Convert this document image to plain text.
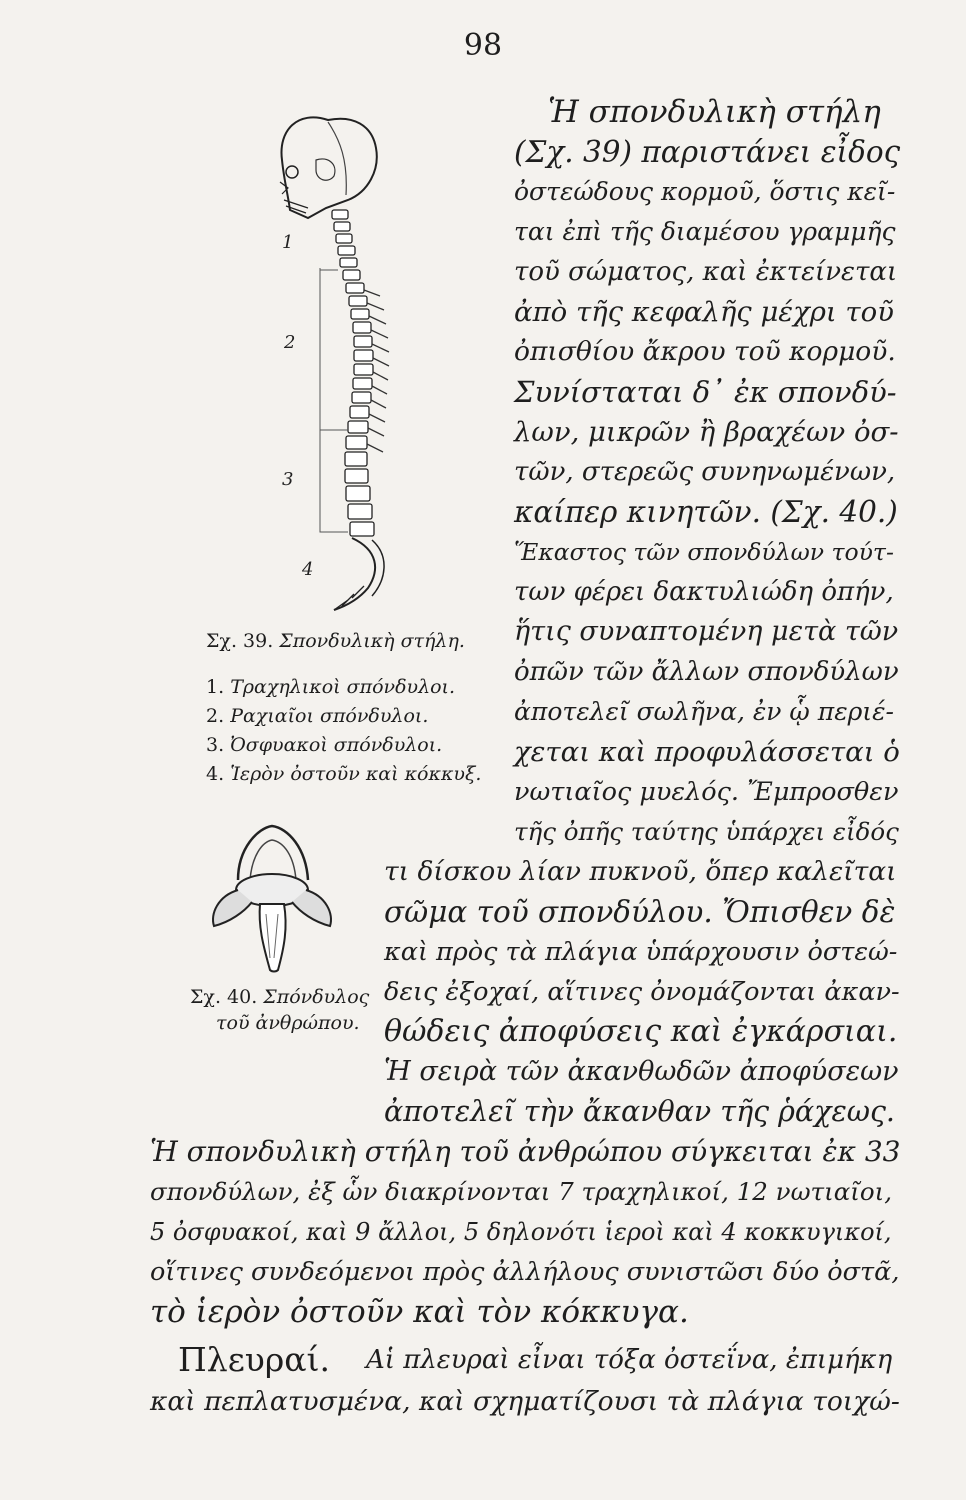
98
1
2
3
4
Σχ. 39. Σπονδυλικὴ στήλη.
1. Τραχηλικοὶ σπόνδυλοι.
2. Ραχιαῖοι σπόνδυλοι.
3. Ὀσφυακοὶ σπόνδυλοι.
4. Ἱερὸν ὀστοῦν καὶ κόκκυξ.
Σχ. 40. Σπόνδυλος
τοῦ ἀνθρώπου.
Ἡ σπονδυλικὴ στήλη
(Σχ. 39) παριστάνει εἶδος
ὀστεώδους κορμοῦ, ὅστις κεῖ-
ται ἐπὶ τῆς διαμέσου γραμμῆς
τοῦ σώματος, καὶ ἐκτείνεται
ἀπὸ τῆς κεφαλῆς μέχρι τοῦ
ὀπισθίου ἄκρου τοῦ κορμοῦ.
Συνίσταται δ᾽ ἐκ σπονδύ-
λων, μικρῶν ἢ βραχέων ὀσ-
τῶν, στερεῶς συνηνωμένων,
καίπερ κινητῶν. (Σχ. 40.)
Ἕκαστος τῶν σπονδύλων τούτ-
των φέρει δακτυλιώδη ὀπήν,
ἥτις συναπτομένη μετὰ τῶν
ὀπῶν τῶν ἄλλων σπονδύλων
ἀποτελεῖ σωλῆνα, ἐν ᾧ περιέ-
χεται καὶ προφυλάσσεται ὁ
νωτιαῖος μυελός. Ἔμπροσθεν
τῆς ὀπῆς ταύτης ὑπάρχει εἶδός
τι δίσκου λίαν πυκνοῦ, ὅπερ καλεῖται
σῶμα τοῦ σπονδύλου. Ὄπισθεν δὲ
καὶ πρὸς τὰ πλάγια ὑπάρχουσιν ὀστεώ-
δεις ἐξοχαί, αἵτινες ὀνομάζονται ἀκαν-
θώδεις ἀποφύσεις καὶ ἐγκάρσιαι.
Ἡ σειρὰ τῶν ἀκανθωδῶν ἀποφύσεων
ἀποτελεῖ τὴν ἄκανθαν τῆς ῥάχεως.
Ἡ σπονδυλικὴ στήλη τοῦ ἀνθρώπου σύγκειται ἐκ 33
σπονδύλων, ἐξ ὧν διακρίνονται 7 τραχηλικοί, 12 νωτιαῖοι,
5 ὀσφυακοί, καὶ 9 ἄλλοι, 5 δηλονότι ἱεροὶ καὶ 4 κοκκυγικοί,
οἵτινες συνδεόμενοι πρὸς ἀλλήλους συνιστῶσι δύο ὀστᾶ,
τὸ ἱερὸν ὀστοῦν καὶ τὸν κόκκυγα.
Πλευραί. Αἱ πλευραὶ εἶναι τόξα ὀστεΐνα, ἐπιμήκη
καὶ πεπλατυσμένα, καὶ σχηματίζουσι τὰ πλάγια τοιχώ-
